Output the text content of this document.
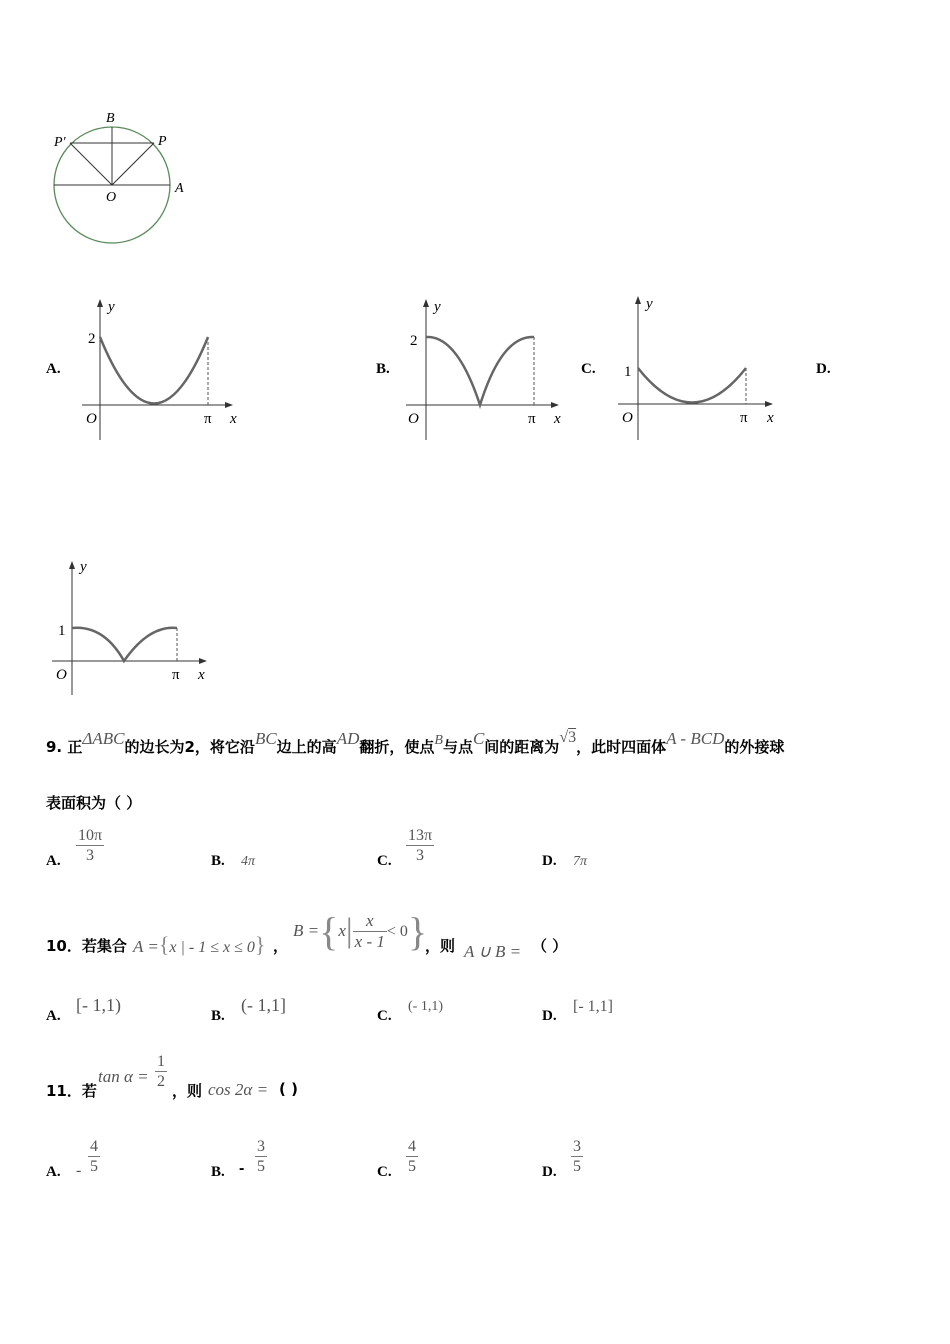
B
P′	P
O
A
A.
2
O	π x
y
B.
2
O	π x
y
C. 1
O	π x
y
D.
1
O	π x
y
9. 正ΔABC的边长为2，将它沿BC边上的高AD翻折，使点B与点C间的距离为√3，此时四面体A - BCD的外接球
表面积为（ ）
A. $\frac{10\pi}{3}$	B. 4π	C. $\frac{13\pi}{3}$	D. 7π
10．若集合 A ={x | - 1 ≤ x ≤ 0} ，
$B =\{x| \frac{x}{x - 1} < 0\}$
，则 A ∪ B = （ ）
A.
[- 1,1)
B.
(- 1,1]
C.
(- 1,1)
D.
[- 1,1]
11．若
$\tan \alpha = \frac{1}{2}$ ，则 cos 2α = ( )
A. - $\frac{4}{5}$	B. - $\frac{3}{5}$	C. $\frac{4}{5}$	D. $\frac{3}{5}$
